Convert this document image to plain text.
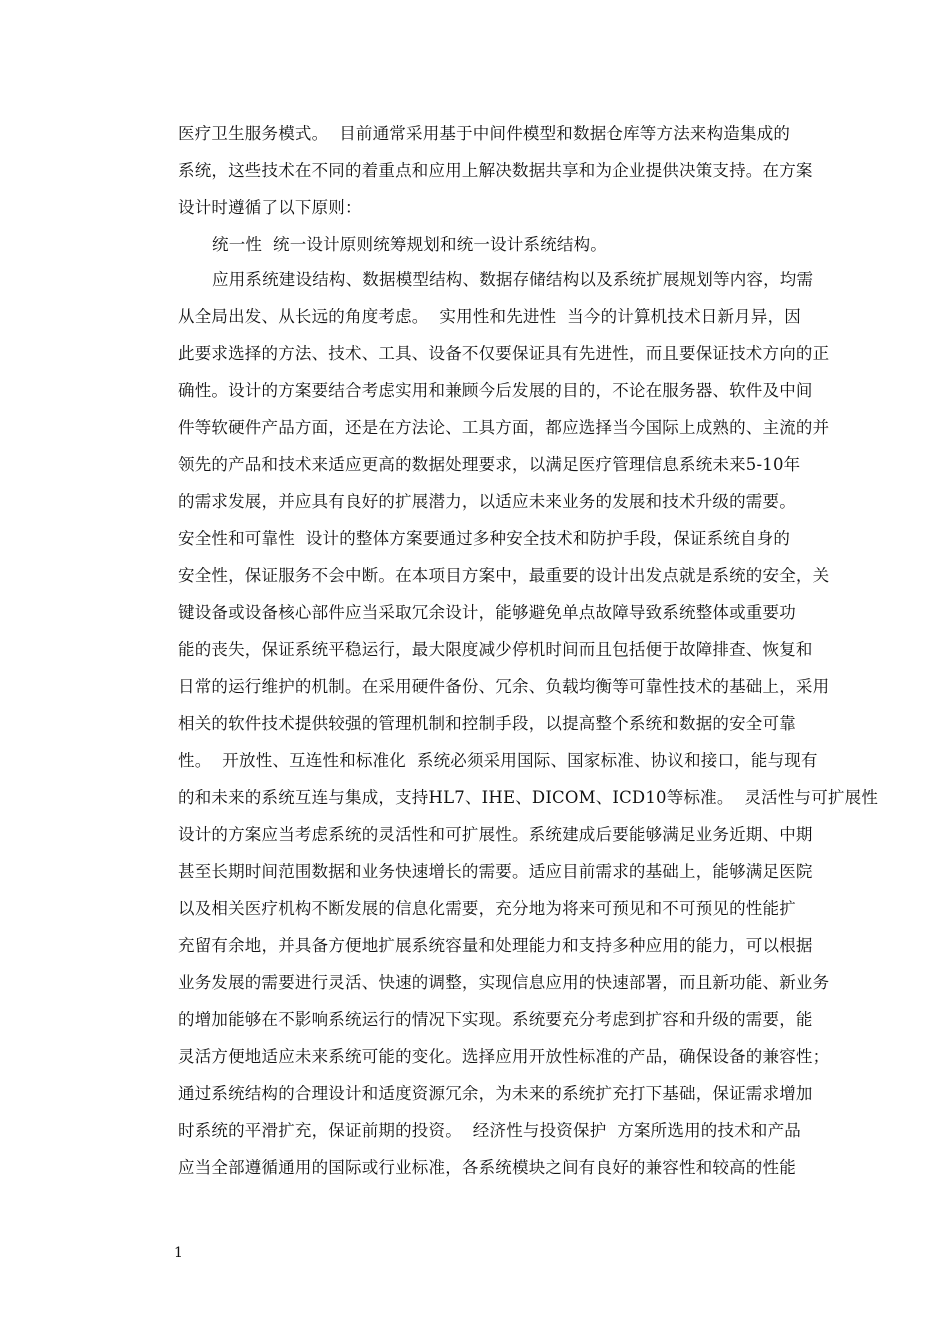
医疗卫生服务模式。  目前通常采用基于中间件模型和数据仓库等方法来构造集成的
系统，这些技术在不同的着重点和应用上解决数据共享和为企业提供决策支持。在方案
设计时遵循了以下原则：
统一性  统一设计原则统筹规划和统一设计系统结构。
应用系统建设结构、数据模型结构、数据存储结构以及系统扩展规划等内容，均需
从全局出发、从长远的角度考虑。  实用性和先进性  当今的计算机技术日新月异，因
此要求选择的方法、技术、工具、设备不仅要保证具有先进性，而且要保证技术方向的正
确性。设计的方案要结合考虑实用和兼顾今后发展的目的，不论在服务器、软件及中间
件等软硬件产品方面，还是在方法论、工具方面，都应选择当今国际上成熟的、主流的并
领先的产品和技术来适应更高的数据处理要求，以满足医疗管理信息系统未来5-10年
的需求发展，并应具有良好的扩展潜力，以适应未来业务的发展和技术升级的需要。
安全性和可靠性  设计的整体方案要通过多种安全技术和防护手段，保证系统自身的
安全性，保证服务不会中断。在本项目方案中，最重要的设计出发点就是系统的安全，关
键设备或设备核心部件应当采取冗余设计，能够避免单点故障导致系统整体或重要功
能的丧失，保证系统平稳运行，最大限度减少停机时间而且包括便于故障排查、恢复和
日常的运行维护的机制。在采用硬件备份、冗余、负载均衡等可靠性技术的基础上，采用
相关的软件技术提供较强的管理机制和控制手段，以提高整个系统和数据的安全可靠
性。  开放性、互连性和标准化  系统必须采用国际、国家标准、协议和接口，能与现有
的和未来的系统互连与集成，支持HL7、IHE、DICOM、ICD10等标准。  灵活性与可扩展性
设计的方案应当考虑系统的灵活性和可扩展性。系统建成后要能够满足业务近期、中期
甚至长期时间范围数据和业务快速增长的需要。适应目前需求的基础上，能够满足医院
以及相关医疗机构不断发展的信息化需要，充分地为将来可预见和不可预见的性能扩
充留有余地，并具备方便地扩展系统容量和处理能力和支持多种应用的能力，可以根据
业务发展的需要进行灵活、快速的调整，实现信息应用的快速部署，而且新功能、新业务
的增加能够在不影响系统运行的情况下实现。系统要充分考虑到扩容和升级的需要，能
灵活方便地适应未来系统可能的变化。选择应用开放性标准的产品，确保设备的兼容性；
通过系统结构的合理设计和适度资源冗余，为未来的系统扩充打下基础，保证需求增加
时系统的平滑扩充，保证前期的投资。  经济性与投资保护  方案所选用的技术和产品
应当全部遵循通用的国际或行业标准，各系统模块之间有良好的兼容性和较高的性能
1
